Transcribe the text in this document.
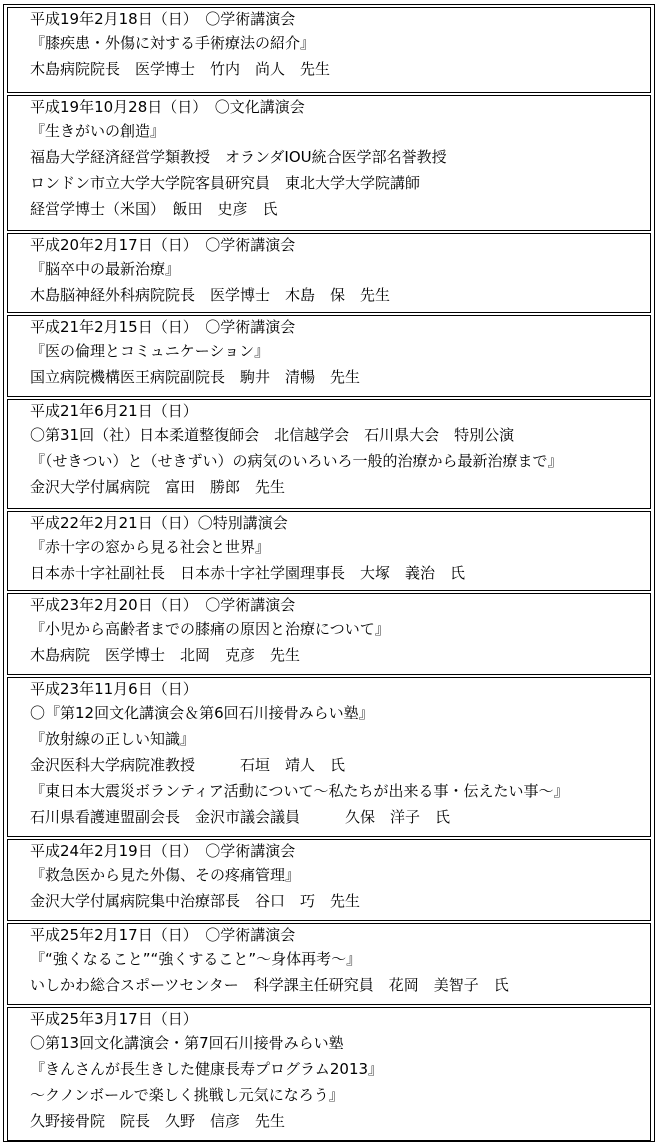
平成19年2月18日（日）　〇学術講演会
『膝疾患・外傷に対する手術療法の紹介』
木島病院院長　医学博士　竹内　尚人　先生
平成19年10月28日（日）　〇文化講演会
『生きがいの創造』
福島大学経済経営学類教授　オランダIOU統合医学部名誉教授
ロンドン市立大学大学院客員研究員　東北大学大学院講師
経営学博士（米国）　飯田　史彦　氏
平成20年2月17日（日）　〇学術講演会
『脳卒中の最新治療』
木島脳神経外科病院院長　医学博士　木島　保　先生
平成21年2月15日（日）　〇学術講演会
『医の倫理とコミュニケーション』
国立病院機構医王病院副院長　駒井　清暢　先生
平成21年6月21日（日）
〇第31回（社）日本柔道整復師会　北信越学会　石川県大会　特別公演
『（せきつい）と（せきずい）の病気のいろいろ一般的治療から最新治療まで』
金沢大学付属病院　富田　勝郎　先生
平成22年2月21日（日）〇特別講演会
『赤十字の窓から見る社会と世界』
日本赤十字社副社長　日本赤十字社学園理事長　大塚　義治　氏
平成23年2月20日（日）　〇学術講演会
『小児から高齢者までの膝痛の原因と治療について』
木島病院　医学博士　北岡　克彦　先生
平成23年11月6日（日）
〇『第12回文化講演会＆第6回石川接骨みらい塾』
『放射線の正しい知識』
金沢医科大学病院准教授　　　石垣　靖人　氏
『東日本大震災ボランティア活動について～私たちが出来る事・伝えたい事～』
石川県看護連盟副会長　金沢市議会議員　　　久保　洋子　氏
平成24年2月19日（日）　〇学術講演会
『救急医から見た外傷、その疼痛管理』
金沢大学付属病院集中治療部長　谷口　巧　先生
平成25年2月17日（日）　〇学術講演会
『“強くなること”“強くすること”～身体再考～』
いしかわ総合スポーツセンター　科学課主任研究員　花岡　美智子　氏
平成25年3月17日（日）
〇第13回文化講演会・第7回石川接骨みらい塾
『きんさんが長生きした健康長寿プログラム2013』
～クノンボールで楽しく挑戦し元気になろう』
久野接骨院　院長　久野　信彦　先生
